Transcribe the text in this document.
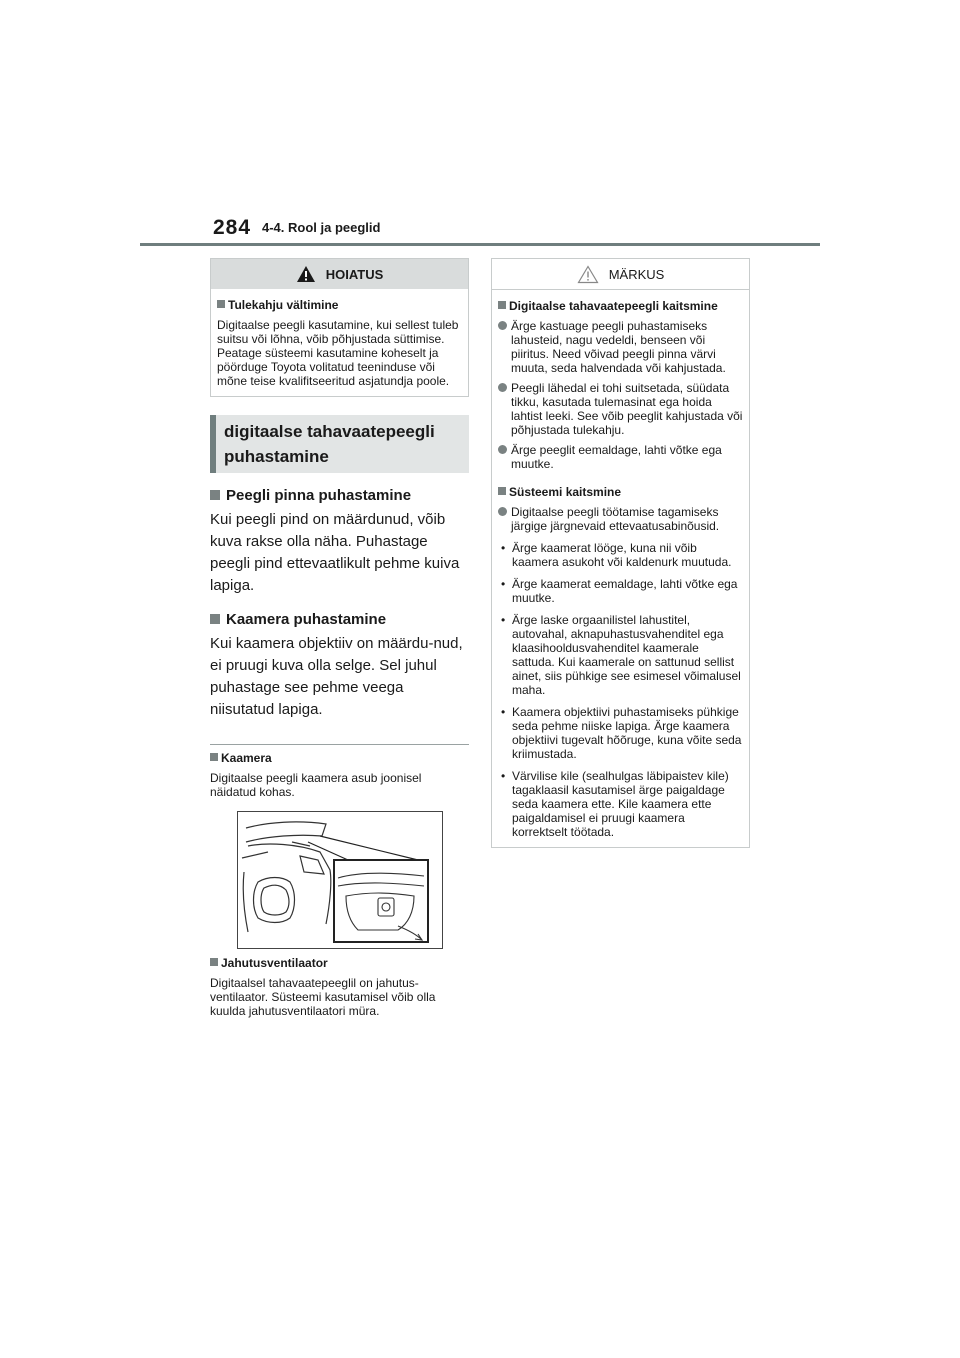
284 4-4. Rool ja peeglid
HOIATUS
Tulekahju vältimine
Digitaalse peegli kasutamine, kui sellest tuleb suitsu või lõhna, võib põhjustada süttimise. Peatage süsteemi kasutamine koheselt ja pöörduge Toyota volitatud teeninduse või mõne teise kvalifitseeritud asjatundja poole.
digitaalse tahavaatepeegli
puhastamine
Peegli pinna puhastamine
Kui peegli pind on määrdunud, võib kuva rakse olla näha. Puhastage peegli pind ettevaatlikult pehme kuiva lapiga.
Kaamera puhastamine
Kui kaamera objektiiv on määrdu-nud, ei pruugi kuva olla selge. Sel juhul puhastage see pehme veega niisutatud lapiga.
Kaamera
Digitaalse peegli kaamera asub joonisel näidatud kohas.
Jahutusventilaator
Digitaalsel tahavaatepeeglil on jahutus-ventilaator. Süsteemi kasutamisel võib olla kuulda jahutusventilaatori müra.
MÄRKUS
Digitaalse tahavaatepeegli kaitsmine
Ärge kastuage peegli puhastamiseks lahusteid, nagu vedeldi, benseen või piiritus. Need võivad peegli pinna värvi muuta, seda halvendada või kahjustada.
Peegli lähedal ei tohi suitsetada, süüdata tikku, kasutada tulemasinat ega hoida lahtist leeki. See võib peeglit kahjustada või põhjustada tulekahju.
Ärge peeglit eemaldage, lahti võtke ega muutke.
Süsteemi kaitsmine
Digitaalse peegli töötamise tagamiseks järgige järgnevaid ettevaatusabinõusid.
• Ärge kaamerat lööge, kuna nii võib kaamera asukoht või kaldenurk muutuda.
• Ärge kaamerat eemaldage, lahti võtke ega muutke.
• Ärge laske orgaanilistel lahustitel, autovahal, aknapuhastusvahenditel ega klaasihooldusvahenditel kaamerale sattuda. Kui kaamerale on sattunud sellist ainet, siis pühkige see esimesel võimalusel maha.
• Kaamera objektiivi puhastamiseks pühkige seda pehme niiske lapiga. Ärge kaamera objektiivi tugevalt hõõruge, kuna võite seda kriimustada.
• Värvilise kile (sealhulgas läbipaistev kile) tagaklaasil kasutamisel ärge paigaldage seda kaamera ette. Kile kaamera ette paigaldamisel ei pruugi kaamera korrektselt töötada.
